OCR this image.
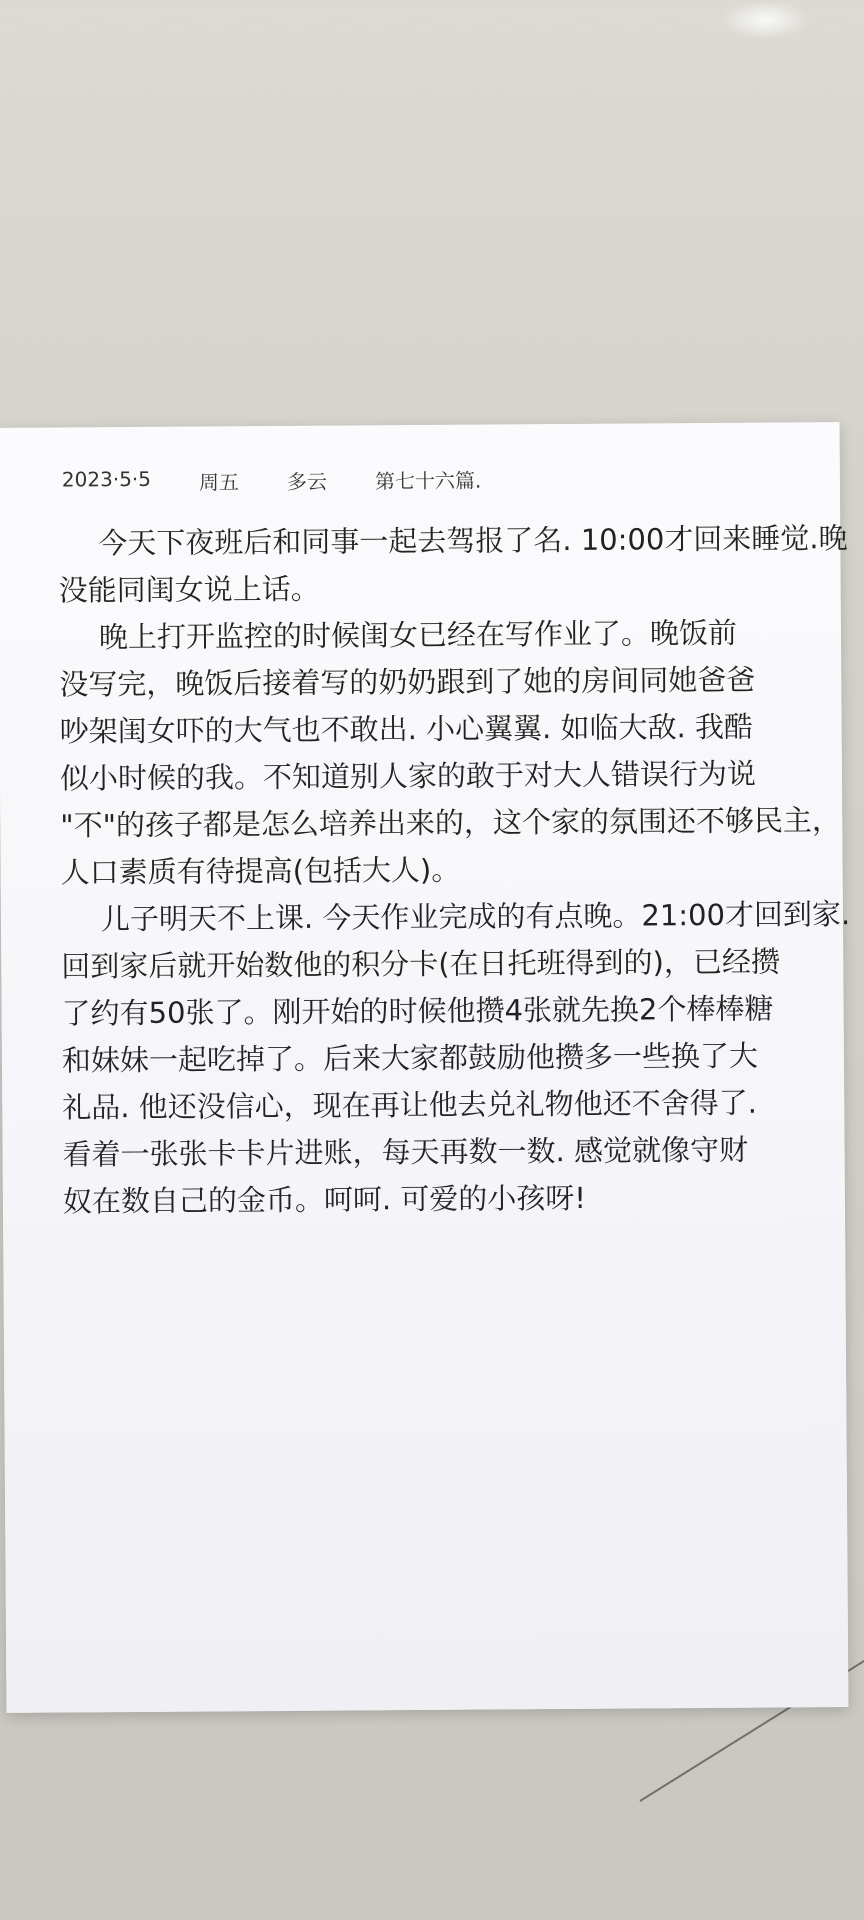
2023·5·5 周五 多云 第七十六篇.
今天下夜班后和同事一起去驾报了名. 10:00才回来睡觉.晚
没能同闺女说上话。
晚上打开监控的时候闺女已经在写作业了。晚饭前
没写完，晚饭后接着写的奶奶跟到了她的房间同她爸爸
吵架闺女吓的大气也不敢出. 小心翼翼. 如临大敌. 我酷
似小时候的我。不知道别人家的敢于对大人错误行为说
"不"的孩子都是怎么培养出来的，这个家的氛围还不够民主，
人口素质有待提高(包括大人)。
儿子明天不上课. 今天作业完成的有点晚。21:00才回到家.
回到家后就开始数他的积分卡(在日托班得到的)，已经攒
了约有50张了。刚开始的时候他攒4张就先换2个棒棒糖
和妹妹一起吃掉了。后来大家都鼓励他攒多一些换了大
礼品. 他还没信心，现在再让他去兑礼物他还不舍得了.
看着一张张卡卡片进账，每天再数一数. 感觉就像守财
奴在数自己的金币。呵呵. 可爱的小孩呀!
